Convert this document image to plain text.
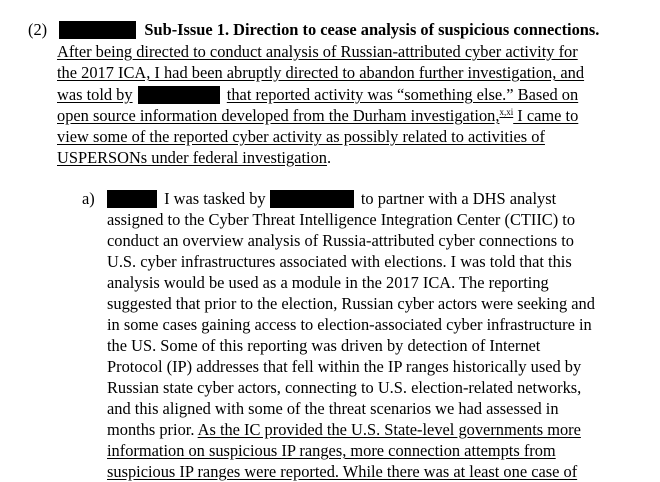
(2)	Sub-Issue 1. Direction to cease analysis of suspicious connections.
After being directed to conduct analysis of Russian-attributed cyber activity for
the 2017 ICA, I had been abruptly directed to abandon further investigation, and
was told by	that reported activity was “something else.” Based on
open source information developed from the Durham investigation,$^{x,xi}$ I came to
view some of the reported cyber activity as possibly related to activities of
USPERSONs under federal investigation.
a)	I was tasked by	to partner with a DHS analyst
assigned to the Cyber Threat Intelligence Integration Center (CTIIC) to
conduct an overview analysis of Russia-attributed cyber connections to
U.S. cyber infrastructures associated with elections. I was told that this
analysis would be used as a module in the 2017 ICA. The reporting
suggested that prior to the election, Russian cyber actors were seeking and
in some cases gaining access to election-associated cyber infrastructure in
the US. Some of this reporting was driven by detection of Internet
Protocol (IP) addresses that fell within the IP ranges historically used by
Russian state cyber actors, connecting to U.S. election-related networks,
and this aligned with some of the threat scenarios we had assessed in
months prior. As the IC provided the U.S. State-level governments more
information on suspicious IP ranges, more connection attempts from
suspicious IP ranges were reported. While there was at least one case of
